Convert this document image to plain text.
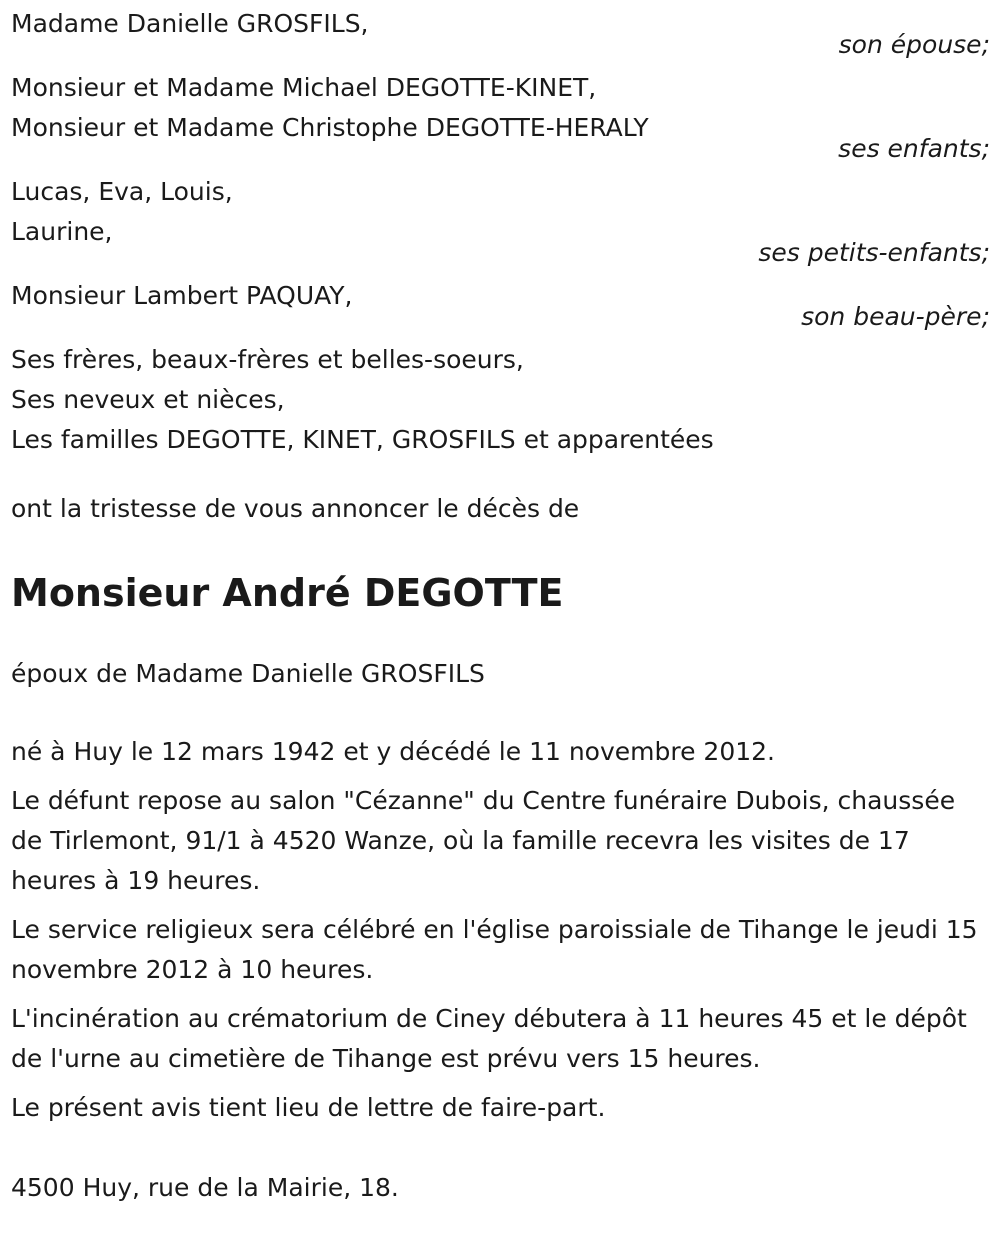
Madame Danielle GROSFILS,
son épouse;
Monsieur et Madame Michael DEGOTTE-KINET,
Monsieur et Madame Christophe DEGOTTE-HERALY
ses enfants;
Lucas, Eva, Louis,
Laurine,
ses petits-enfants;
Monsieur Lambert PAQUAY,
son beau-père;
Ses frères, beaux-frères et belles-soeurs,
Ses neveux et nièces,
Les familles DEGOTTE, KINET, GROSFILS et apparentées
ont la tristesse de vous annoncer le décès de
Monsieur André DEGOTTE
époux de Madame Danielle GROSFILS
né à Huy le 12 mars 1942 et y décédé le 11 novembre 2012.
Le défunt repose au salon "Cézanne" du Centre funéraire Dubois, chaussée de Tirlemont, 91/1 à 4520 Wanze, où la famille recevra les visites de 17 heures à 19 heures.
Le service religieux sera célébré en l'église paroissiale de Tihange le jeudi 15 novembre 2012 à 10 heures.
L'incinération au crématorium de Ciney débutera à 11 heures 45 et le dépôt de l'urne au cimetière de Tihange est prévu vers 15 heures.
Le présent avis tient lieu de lettre de faire-part.
4500 Huy, rue de la Mairie, 18.
